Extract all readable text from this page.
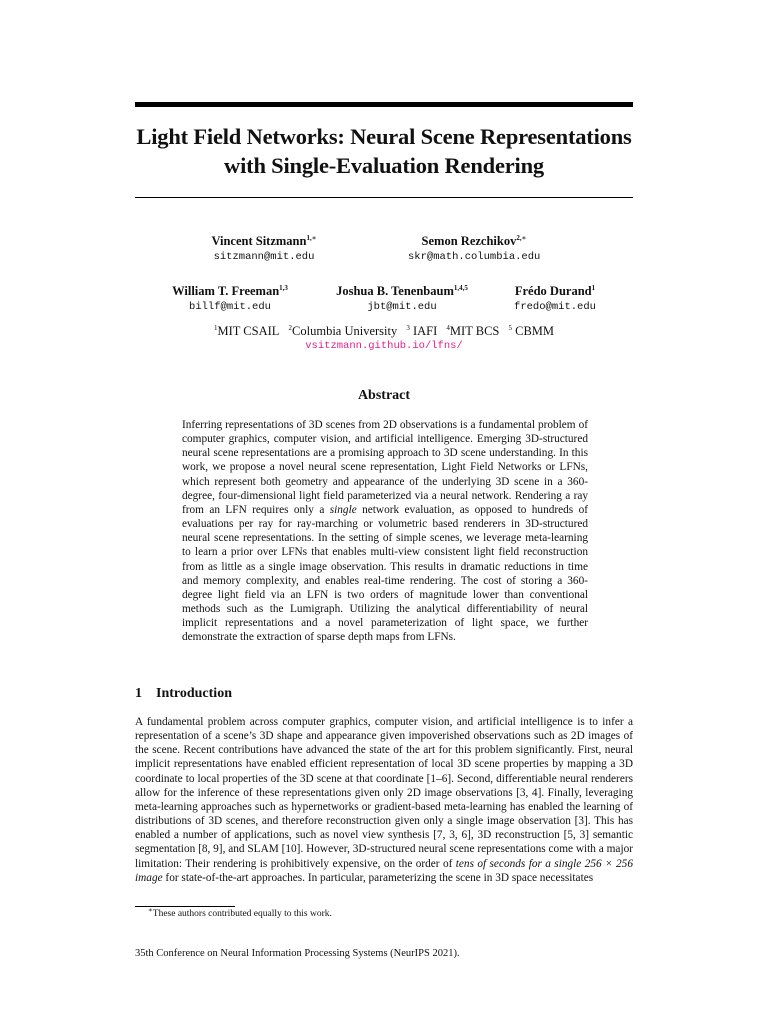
Light Field Networks: Neural Scene Representations with Single-Evaluation Rendering
Vincent Sitzmann$^{1,∗}$
sitzmann@mit.edu
Semon Rezchikov$^{2,∗}$
skr@math.columbia.edu
William T. Freeman$^{1,3}$
billf@mit.edu
Joshua B. Tenenbaum$^{1,4,5}$
jbt@mit.edu
Frédo Durand$^1$
fredo@mit.edu
$^1$MIT CSAIL $^2$Columbia University $^3$ IAFI $^4$MIT BCS $^5$ CBMM
vsitzmann.github.io/lfns/
Abstract
Inferring representations of 3D scenes from 2D observations is a fundamental problem of computer graphics, computer vision, and artificial intelligence. Emerging 3D-structured neural scene representations are a promising approach to 3D scene understanding. In this work, we propose a novel neural scene representation, Light Field Networks or LFNs, which represent both geometry and appearance of the underlying 3D scene in a 360-degree, four-dimensional light field parameterized via a neural network. Rendering a ray from an LFN requires only a single network evaluation, as opposed to hundreds of evaluations per ray for ray-marching or volumetric based renderers in 3D-structured neural scene representations. In the setting of simple scenes, we leverage meta-learning to learn a prior over LFNs that enables multi-view consistent light field reconstruction from as little as a single image observation. This results in dramatic reductions in time and memory complexity, and enables real-time rendering. The cost of storing a 360-degree light field via an LFN is two orders of magnitude lower than conventional methods such as the Lumigraph. Utilizing the analytical differentiability of neural implicit representations and a novel parameterization of light space, we further demonstrate the extraction of sparse depth maps from LFNs.
1 Introduction
A fundamental problem across computer graphics, computer vision, and artificial intelligence is to infer a representation of a scene’s 3D shape and appearance given impoverished observations such as 2D images of the scene. Recent contributions have advanced the state of the art for this problem significantly. First, neural implicit representations have enabled efficient representation of local 3D scene properties by mapping a 3D coordinate to local properties of the 3D scene at that coordinate [1–6]. Second, differentiable neural renderers allow for the inference of these representations given only 2D image observations [3, 4]. Finally, leveraging meta-learning approaches such as hypernetworks or gradient-based meta-learning has enabled the learning of distributions of 3D scenes, and therefore reconstruction given only a single image observation [3]. This has enabled a number of applications, such as novel view synthesis [7, 3, 6], 3D reconstruction [5, 3] semantic segmentation [8, 9], and SLAM [10]. However, 3D-structured neural scene representations come with a major limitation: Their rendering is prohibitively expensive, on the order of tens of seconds for a single 256 × 256 image for state-of-the-art approaches. In particular, parameterizing the scene in 3D space necessitates
∗These authors contributed equally to this work.
35th Conference on Neural Information Processing Systems (NeurIPS 2021).
